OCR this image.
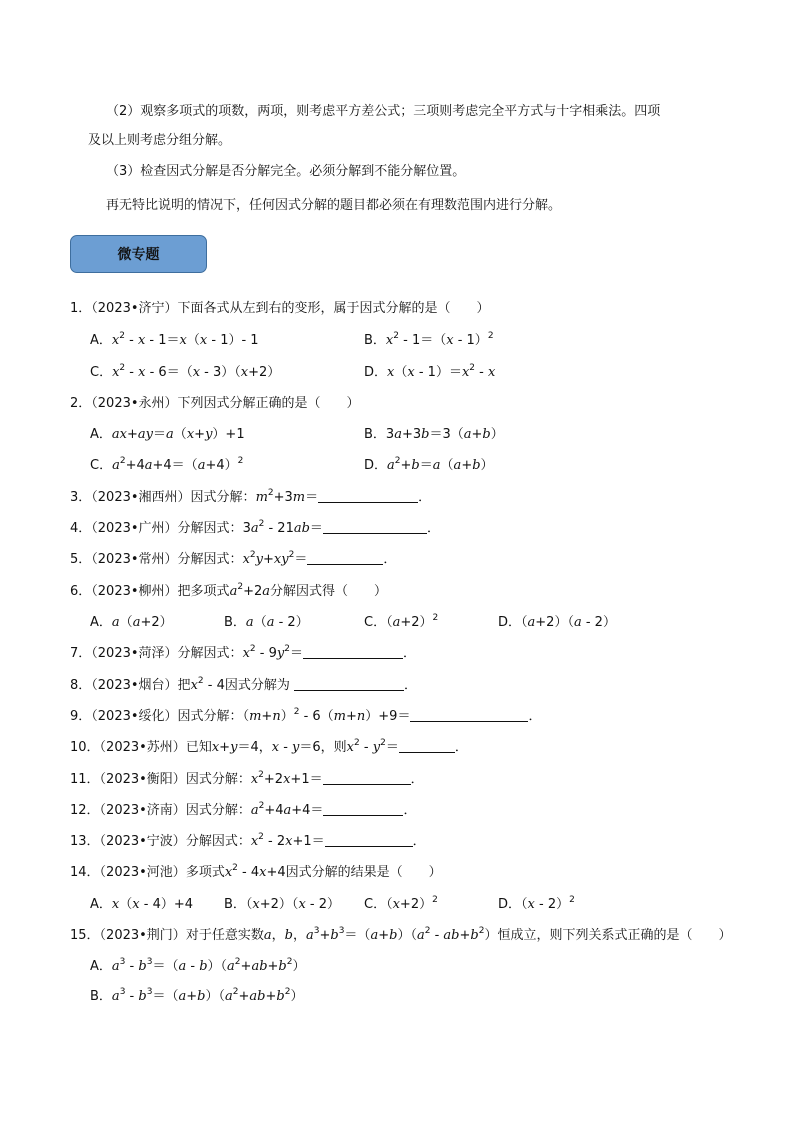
（2）观察多项式的项数，两项，则考虑平方差公式；三项则考虑完全平方式与十字相乘法。四项
及以上则考虑分组分解。
（3）检查因式分解是否分解完全。必须分解到不能分解位置。
再无特比说明的情况下，任何因式分解的题目都必须在有理数范围内进行分解。
微专题
1．（2023•济宁）下面各式从左到右的变形，属于因式分解的是（　　）
A．$x^2 - x - 1=x(x - 1)-$ 1	B．$x^2 - 1=(x - 1)^2$
C．$x^2 - x - 6=(x - 3)(x+2)$	D．$x(x - 1)=x^2 - x$
2．（2023•永州）下列因式分解正确的是（　　）
A．ax+ay＝a（x+y）+1	B．3a+3b＝3（a+b）
C．$a^2+4a+4=(a+4)^2$	D．$a^2+b=a(a+b)$
3．（2023•湘西州）因式分解：$m^2+3m=$	．
4．（2023•广州）分解因式：$3a^2 - 21ab=$	．
5．（2023•常州）分解因式：$x^2y+xy^2=$	．
6．（2023•柳州）把多项式$a^2+2a$分解因式得（　　）
A．a（a+2）	B．a（a - 2）	C．$(a+2)^2$	D．（a+2）（a - 2）
7．（2023•菏泽）分解因式：$x^2 - 9y^2=$	．
8．（2023•烟台）把$x^2 - 4$因式分解为	．
9．（2023•绥化）因式分解：$(m+n)^2 - 6(m+n)+9=$	．
10．（2023•苏州）已知x+y＝4，x - y＝6，则$x^2 - y^2=$	．
11．（2023•衡阳）因式分解：$x^2+2x+1=$	．
12．（2023•济南）因式分解：$a^2+4a+4=$	．
13．（2023•宁波）分解因式：$x^2 - 2x+1=$	．
14．（2023•河池）多项式$x^2 - 4x+4$因式分解的结果是（　　）
A．x（x - 4）+4 B．（x+2）（x - 2） C．$(x+2)^2$	D．（x - 2）$^2$
15．（2023•荆门）对于任意实数a，b，$a^3+b^3=(a+b)(a^2 - ab+b^2)$恒成立，则下列关系式正确的是（　　）
A．$a^3 - b^3=(a - b)(a^2+ab+b^2)$
B．$a^3 - b^3=(a+b)(a^2+ab+b^2)$
